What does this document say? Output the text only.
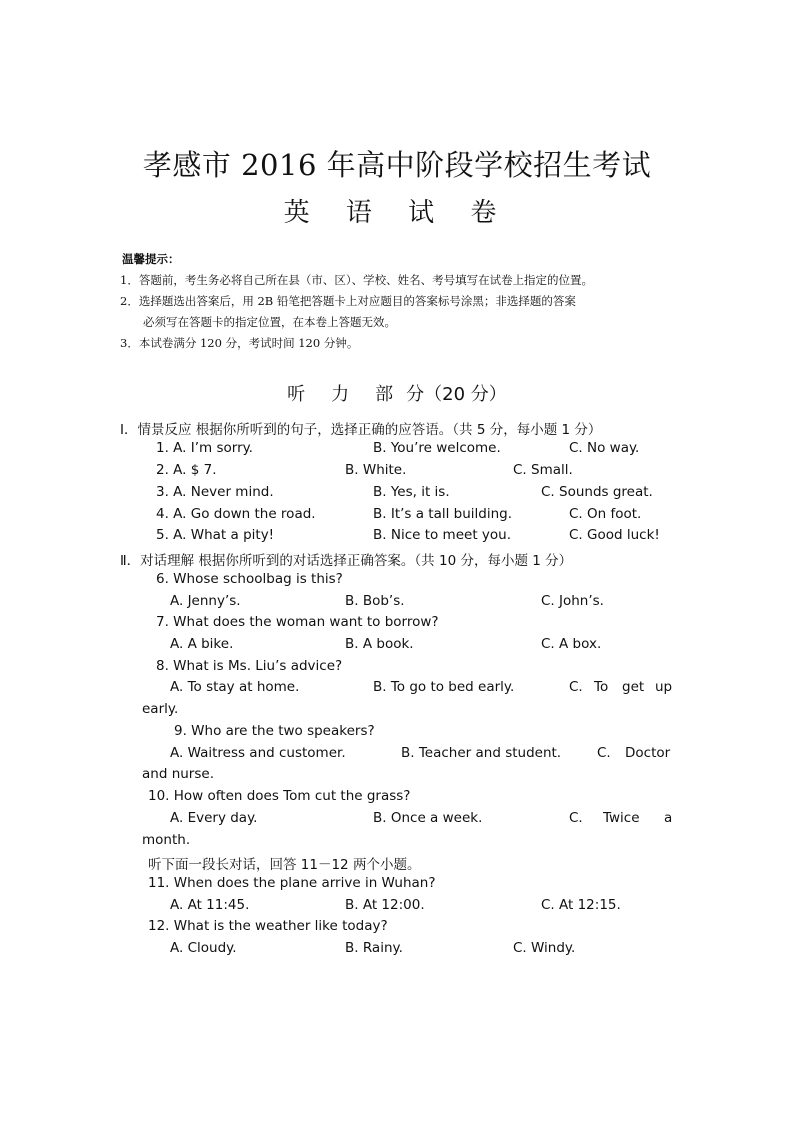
孝感市 2016 年高中阶段学校招生考试
英 语 试 卷
温馨提示：
1．答题前，考生务必将自己所在县（市、区）、学校、姓名、考号填写在试卷上指定的位置。
2．选择题选出答案后，用 2B 铅笔把答题卡上对应题目的答案标号涂黑；非选择题的答案
必须写在答题卡的指定位置，在本卷上答题无效。
3．本试卷满分 120 分，考试时间 120 分钟。
听 力 部 分（20 分）
I．情景反应 根据你所听到的句子，选择正确的应答语。（共 5 分，每小题 1 分）
1. A. I’m sorry.	B. You’re welcome.	C. No way.
2. A. $ 7.	B. White.	C. Small.
3. A. Never mind.	B. Yes, it is.	C. Sounds great.
4. A. Go down the road.	B. It’s a tall building.	C. On foot.
5. A. What a pity!	B. Nice to meet you.	C. Good luck!
Ⅱ．对话理解 根据你所听到的对话选择正确答案。（共 10 分，每小题 1 分）
6. Whose schoolbag is this?
A. Jenny’s.	B. Bob’s.	C. John’s.
7. What does the woman want to borrow?
A. A bike.	B. A book.	C. A box.
8. What is Ms. Liu’s advice?
A. To stay at home.	B. To go to bed early.	C. To get up
early.
9. Who are the two speakers?
A. Waitress and customer.	B. Teacher and student.	C. Doctor
and nurse.
10. How often does Tom cut the grass?
A. Every day.	B. Once a week.	C. Twice a
month.
听下面一段长对话，回答 11－12 两个小题。
11. When does the plane arrive in Wuhan?
A. At 11:45.	B. At 12:00.	C. At 12:15.
12. What is the weather like today?
A. Cloudy.	B. Rainy.	C. Windy.
